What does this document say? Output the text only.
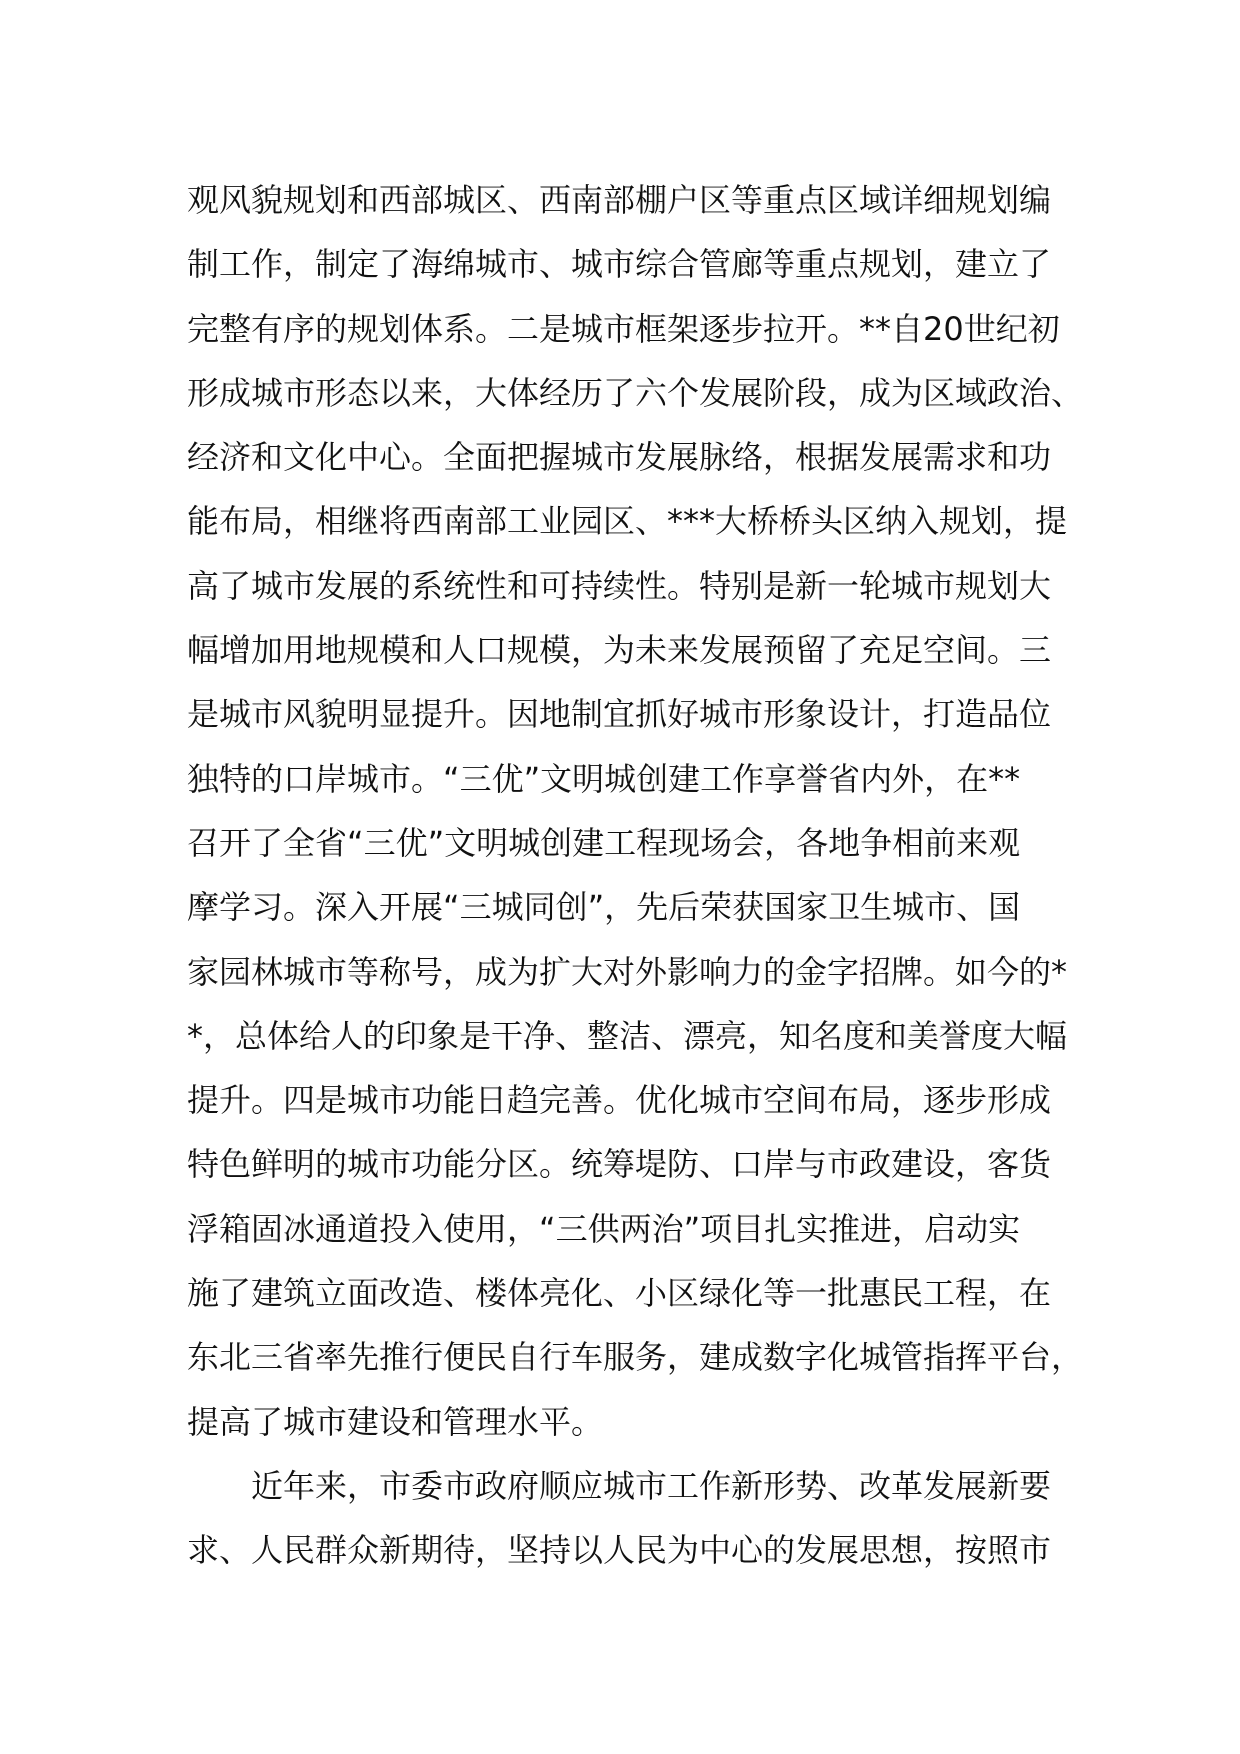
观风貌规划和西部城区、西南部棚户区等重点区域详细规划编
制工作，制定了海绵城市、城市综合管廊等重点规划，建立了
完整有序的规划体系。二是城市框架逐步拉开。**自20世纪初
形成城市形态以来，大体经历了六个发展阶段，成为区域政治、
经济和文化中心。全面把握城市发展脉络，根据发展需求和功
能布局，相继将西南部工业园区、***大桥桥头区纳入规划，提
高了城市发展的系统性和可持续性。特别是新一轮城市规划大
幅增加用地规模和人口规模，为未来发展预留了充足空间。三
是城市风貌明显提升。因地制宜抓好城市形象设计，打造品位
独特的口岸城市。“三优”文明城创建工作享誉省内外，在**
召开了全省“三优”文明城创建工程现场会，各地争相前来观
摩学习。深入开展“三城同创”，先后荣获国家卫生城市、国
家园林城市等称号，成为扩大对外影响力的金字招牌。如今的*
*，总体给人的印象是干净、整洁、漂亮，知名度和美誉度大幅
提升。四是城市功能日趋完善。优化城市空间布局，逐步形成
特色鲜明的城市功能分区。统筹堤防、口岸与市政建设，客货
浮箱固冰通道投入使用，“三供两治”项目扎实推进，启动实
施了建筑立面改造、楼体亮化、小区绿化等一批惠民工程，在
东北三省率先推行便民自行车服务，建成数字化城管指挥平台，
提高了城市建设和管理水平。
近年来，市委市政府顺应城市工作新形势、改革发展新要
求、人民群众新期待，坚持以人民为中心的发展思想，按照市
